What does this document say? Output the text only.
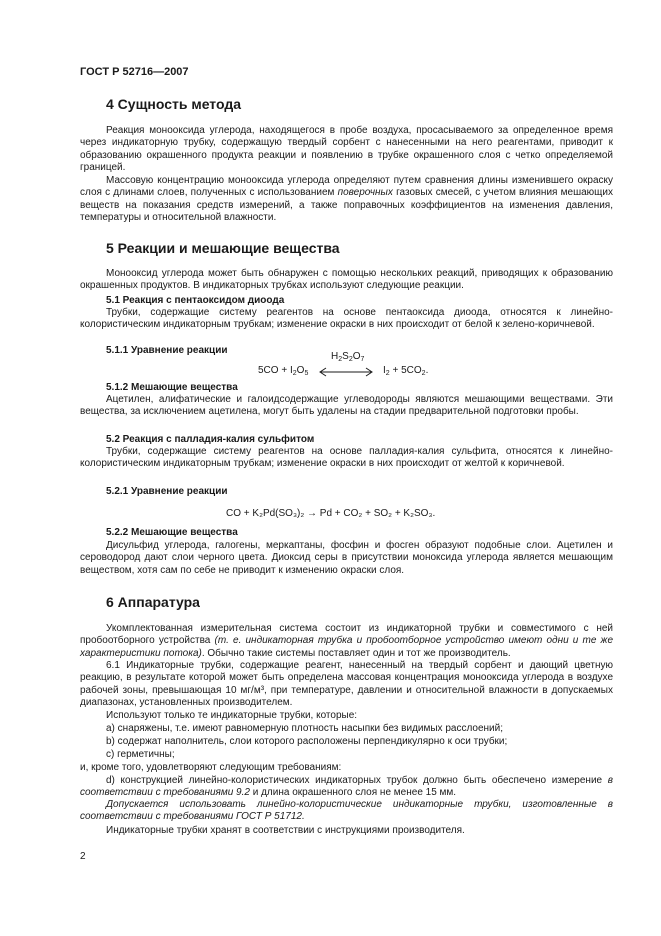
ГОСТ Р 52716—2007
4 Сущность метода
Реакция монооксида углерода, находящегося в пробе воздуха, просасываемого за определенное время через индикаторную трубку, содержащую твердый сорбент с нанесенными на него реагентами, приводит к образованию окрашенного продукта реакции и появлению в трубке окрашенного слоя с четко определяемой границей.
Массовую концентрацию монооксида углерода определяют путем сравнения длины изменившего окраску слоя с длинами слоев, полученных с использованием поверочных газовых смесей, с учетом влияния мешающих веществ на показания средств измерений, а также поправочных коэффициентов на изменения давления, температуры и относительной влажности.
5 Реакции и мешающие вещества
Монооксид углерода может быть обнаружен с помощью нескольких реакций, приводящих к образованию окрашенных продуктов. В индикаторных трубках используют следующие реакции.
5.1 Реакция с пентаоксидом диоода
Трубки, содержащие систему реагентов на основе пентаоксида диоода, относятся к линейно-колористическим индикаторным трубкам; изменение окраски в них происходит от белой к зелено-коричневой.
5.1.1 Уравнение реакции
$5CO + I_2O_5$
$H_2S_2O_7$
$I_2 + 5CO_2$.
5.1.2 Мешающие вещества
Ацетилен, алифатические и галоидсодержащие углеводороды являются мешающими веществами. Эти вещества, за исключением ацетилена, могут быть удалены на стадии предварительной подготовки пробы.
5.2 Реакция с палладия-калия сульфитом
Трубки, содержащие систему реагентов на основе палладия-калия сульфита, относятся к линейно-колористическим индикаторным трубкам; изменение окраски в них происходит от желтой к коричневой.
5.2.1 Уравнение реакции
CO + K₂Pd(SO₃)₂ → Pd + CO₂ + SO₂ + K₂SO₃.
5.2.2 Мешающие вещества
Дисульфид углерода, галогены, меркаптаны, фосфин и фосген образуют подобные слои. Ацетилен и сероводород дают слои черного цвета. Диоксид серы в присутствии моноксида углерода является мешающим веществом, хотя сам по себе не приводит к изменению окраски слоя.
6 Аппаратура
Укомплектованная измерительная система состоит из индикаторной трубки и совместимого с ней пробоотборного устройства (т. е. индикаторная трубка и пробоотборное устройство имеют одни и те же характеристики потока). Обычно такие системы поставляет один и тот же производитель.
6.1 Индикаторные трубки, содержащие реагент, нанесенный на твердый сорбент и дающий цветную реакцию, в результате которой может быть определена массовая концентрация монооксида углерода в воздухе рабочей зоны, превышающая 10 мг/м³, при температуре, давлении и относительной влажности в допускаемых диапазонах, установленных производителем.
Используют только те индикаторные трубки, которые:
a) снаряжены, т.е. имеют равномерную плотность насыпки без видимых расслоений;
b) содержат наполнитель, слои которого расположены перпендикулярно к оси трубки;
c) герметичны;
и, кроме того, удовлетворяют следующим требованиям:
d) конструкцией линейно-колористических индикаторных трубок должно быть обеспечено измерение в соответствии с требованиями 9.2 и длина окрашенного слоя не менее 15 мм.
Допускается использовать линейно-колористические индикаторные трубки, изготовленные в соответствии с требованиями ГОСТ Р 51712.
Индикаторные трубки хранят в соответствии с инструкциями производителя.
2
